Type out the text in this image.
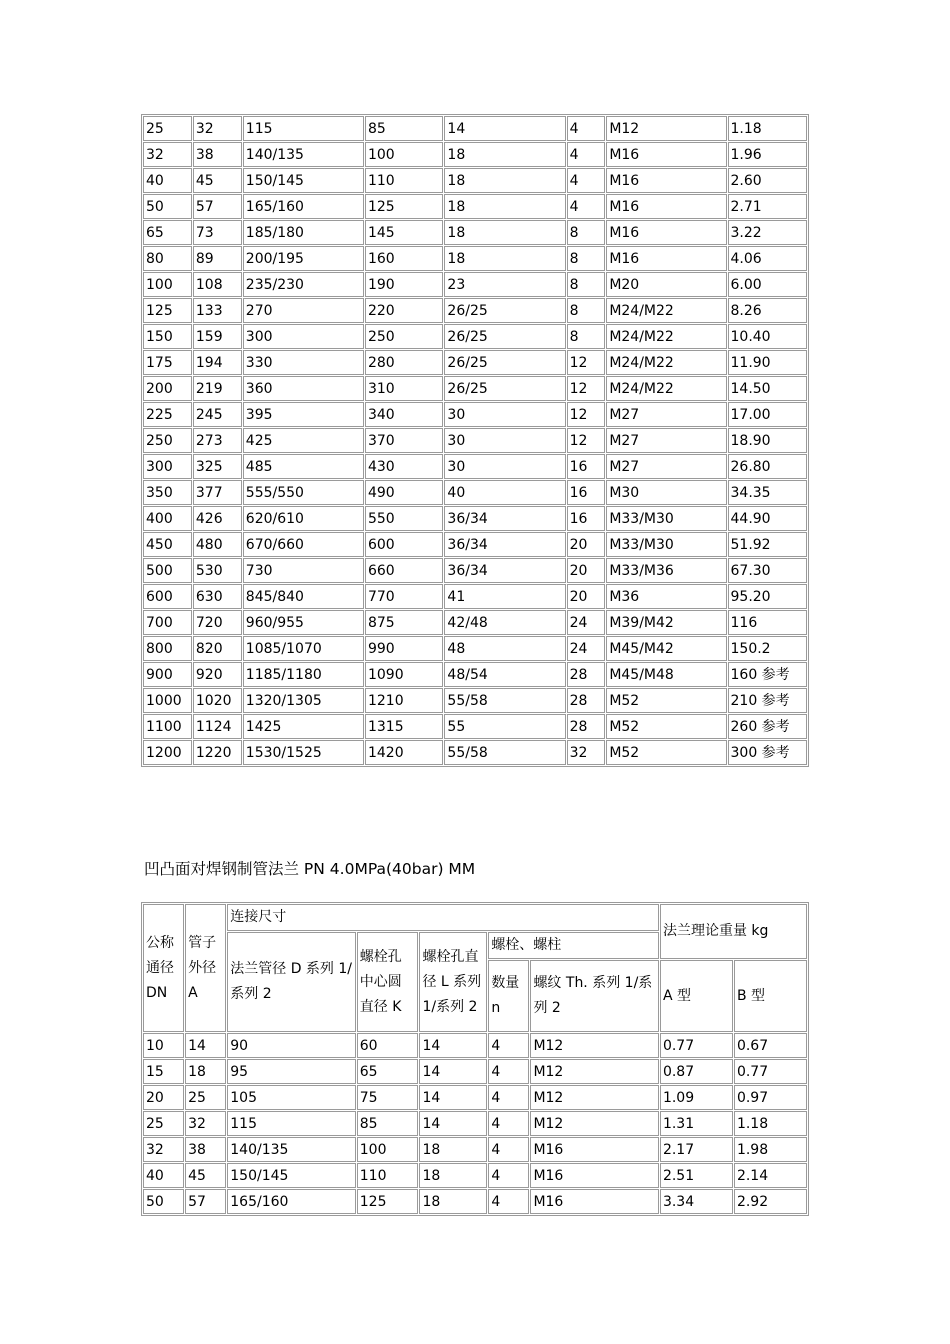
25	32	115	85	14	4	M12	1.18
32	38	140/135	100	18	4	M16	1.96
40	45	150/145	110	18	4	M16	2.60
50	57	165/160	125	18	4	M16	2.71
65	73	185/180	145	18	8	M16	3.22
80	89	200/195	160	18	8	M16	4.06
100	108	235/230	190	23	8	M20	6.00
125	133	270	220	26/25	8	M24/M22	8.26
150	159	300	250	26/25	8	M24/M22	10.40
175	194	330	280	26/25	12	M24/M22	11.90
200	219	360	310	26/25	12	M24/M22	14.50
225	245	395	340	30	12	M27	17.00
250	273	425	370	30	12	M27	18.90
300	325	485	430	30	16	M27	26.80
350	377	555/550	490	40	16	M30	34.35
400	426	620/610	550	36/34	16	M33/M30	44.90
450	480	670/660	600	36/34	20	M33/M30	51.92
500	530	730	660	36/34	20	M33/M36	67.30
600	630	845/840	770	41	20	M36	95.20
700	720	960/955	875	42/48	24	M39/M42	116
800	820	1085/1070	990	48	24	M45/M42	150.2
900	920	1185/1180	1090	48/54	28	M45/M48	160 参考
1000	1020	1320/1305	1210	55/58	28	M52	210 参考
1100	1124	1425	1315	55	28	M52	260 参考
1200	1220	1530/1525	1420	55/58	32	M52	300 参考

凹凸面对焊钢制管法兰 PN 4.0MPa(40bar) MM

公称通径DN	管子外径A	连接尺寸					法兰理论重量 kg	
		法兰管径 D 系列 1/系列 2	螺栓孔中心圆直径 K	螺栓孔直径 L 系列 1/系列 2	螺栓、螺柱			
					数量n	螺纹 Th. 系列 1/系列 2	A 型	B 型
10	14	90	60	14	4	M12	0.77	0.67
15	18	95	65	14	4	M12	0.87	0.77
20	25	105	75	14	4	M12	1.09	0.97
25	32	115	85	14	4	M12	1.31	1.18
32	38	140/135	100	18	4	M16	2.17	1.98
40	45	150/145	110	18	4	M16	2.51	2.14
50	57	165/160	125	18	4	M16	3.34	2.92
